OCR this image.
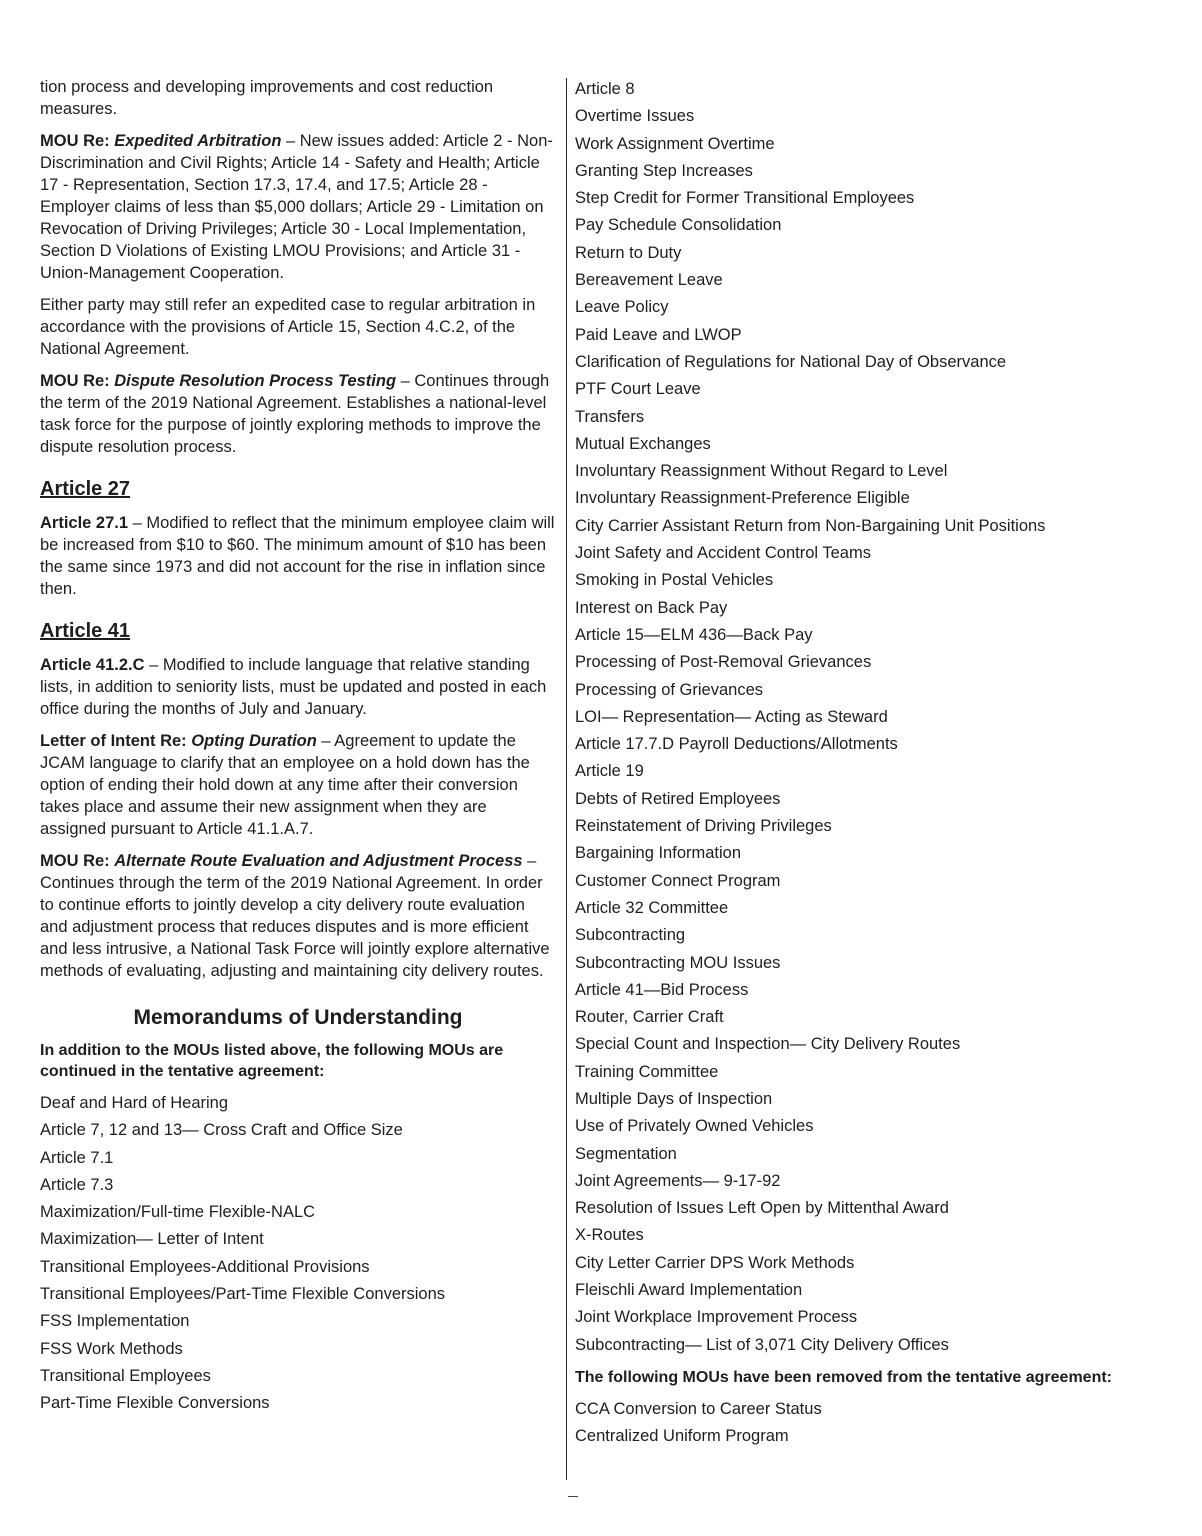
tion process and developing improvements and cost reduction measures.

MOU Re: Expedited Arbitration – New issues added: Article 2 - Non-Discrimination and Civil Rights; Article 14 - Safety and Health; Article 17 - Representation, Section 17.3, 17.4, and 17.5; Article 28 - Employer claims of less than $5,000 dollars; Article 29 - Limitation on Revocation of Driving Privileges; Article 30 - Local Implementation, Section D Violations of Existing LMOU Provisions; and Article 31 - Union-Management Cooperation.

Either party may still refer an expedited case to regular arbitration in accordance with the provisions of Article 15, Section 4.C.2, of the National Agreement.

MOU Re: Dispute Resolution Process Testing – Continues through the term of the 2019 National Agreement. Establishes a national-level task force for the purpose of jointly exploring methods to improve the dispute resolution process.

Article 27

Article 27.1 – Modified to reflect that the minimum employee claim will be increased from $10 to $60. The minimum amount of $10 has been the same since 1973 and did not account for the rise in inflation since then.

Article 41

Article 41.2.C – Modified to include language that relative standing lists, in addition to seniority lists, must be updated and posted in each office during the months of July and January.

Letter of Intent Re: Opting Duration – Agreement to update the JCAM language to clarify that an employee on a hold down has the option of ending their hold down at any time after their conversion takes place and assume their new assignment when they are assigned pursuant to Article 41.1.A.7.

MOU Re: Alternate Route Evaluation and Adjustment Process – Continues through the term of the 2019 National Agreement. In order to continue efforts to jointly develop a city delivery route evaluation and adjustment process that reduces disputes and is more efficient and less intrusive, a National Task Force will jointly explore alternative methods of evaluating, adjusting and maintaining city delivery routes.

Memorandums of Understanding
In addition to the MOUs listed above, the following MOUs are continued in the tentative agreement:
Deaf and Hard of Hearing
Article 7, 12 and 13— Cross Craft and Office Size
Article 7.1
Article 7.3
Maximization/Full-time Flexible-NALC
Maximization— Letter of Intent
Transitional Employees-Additional Provisions
Transitional Employees/Part-Time Flexible Conversions
FSS Implementation
FSS Work Methods
Transitional Employees
Part-Time Flexible Conversions
Article 8
Overtime Issues
Work Assignment Overtime
Granting Step Increases
Step Credit for Former Transitional Employees
Pay Schedule Consolidation
Return to Duty
Bereavement Leave
Leave Policy
Paid Leave and LWOP
Clarification of Regulations for National Day of Observance
PTF Court Leave
Transfers
Mutual Exchanges
Involuntary Reassignment Without Regard to Level
Involuntary Reassignment-Preference Eligible
City Carrier Assistant Return from Non-Bargaining Unit Positions
Joint Safety and Accident Control Teams
Smoking in Postal Vehicles
Interest on Back Pay
Article 15—ELM 436—Back Pay
Processing of Post-Removal Grievances
Processing of Grievances
LOI— Representation— Acting as Steward
Article 17.7.D Payroll Deductions/Allotments
Article 19
Debts of Retired Employees
Reinstatement of Driving Privileges
Bargaining Information
Customer Connect Program
Article 32 Committee
Subcontracting
Subcontracting MOU Issues
Article 41—Bid Process
Router, Carrier Craft
Special Count and Inspection— City Delivery Routes
Training Committee
Multiple Days of Inspection
Use of Privately Owned Vehicles
Segmentation
Joint Agreements— 9-17-92
Resolution of Issues Left Open by Mittenthal Award
X-Routes
City Letter Carrier DPS Work Methods
Fleischli Award Implementation
Joint Workplace Improvement Process
Subcontracting— List of 3,071 City Delivery Offices
The following MOUs have been removed from the tentative agreement:
CCA Conversion to Career Status
Centralized Uniform Program
